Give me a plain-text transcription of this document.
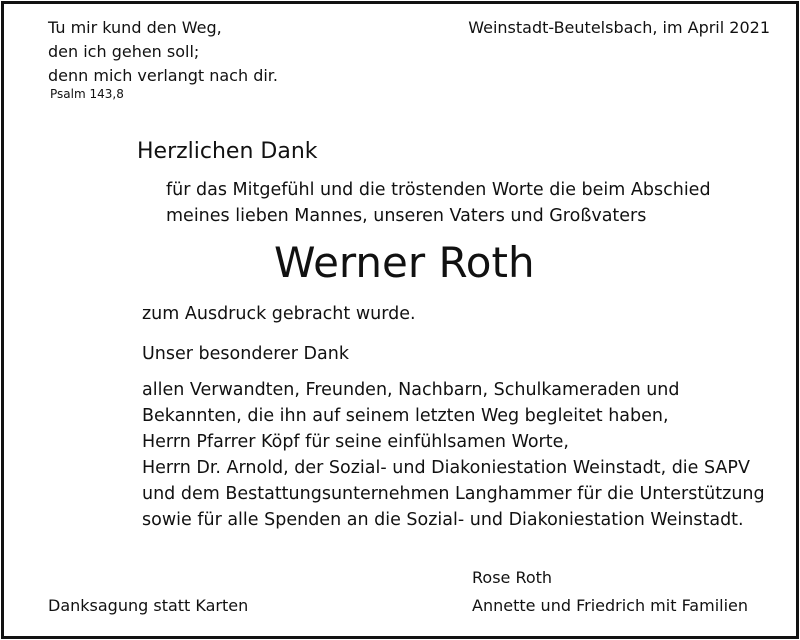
Tu mir kund den Weg,
den ich gehen soll;
denn mich verlangt nach dir.
Psalm 143,8
Weinstadt-Beutelsbach, im April 2021
Herzlichen Dank
für das Mitgefühl und die tröstenden Worte die beim Abschied
meines lieben Mannes, unseren Vaters und Großvaters
Werner Roth
zum Ausdruck gebracht wurde.
Unser besonderer Dank
allen Verwandten, Freunden, Nachbarn, Schulkameraden und
Bekannten, die ihn auf seinem letzten Weg begleitet haben,
Herrn Pfarrer Köpf für seine einfühlsamen Worte,
Herrn Dr. Arnold, der Sozial- und Diakoniestation Weinstadt, die SAPV
und dem Bestattungsunternehmen Langhammer für die Unterstützung
sowie für alle Spenden an die Sozial- und Diakoniestation Weinstadt.
Danksagung statt Karten
Rose Roth
Annette und Friedrich mit Familien
